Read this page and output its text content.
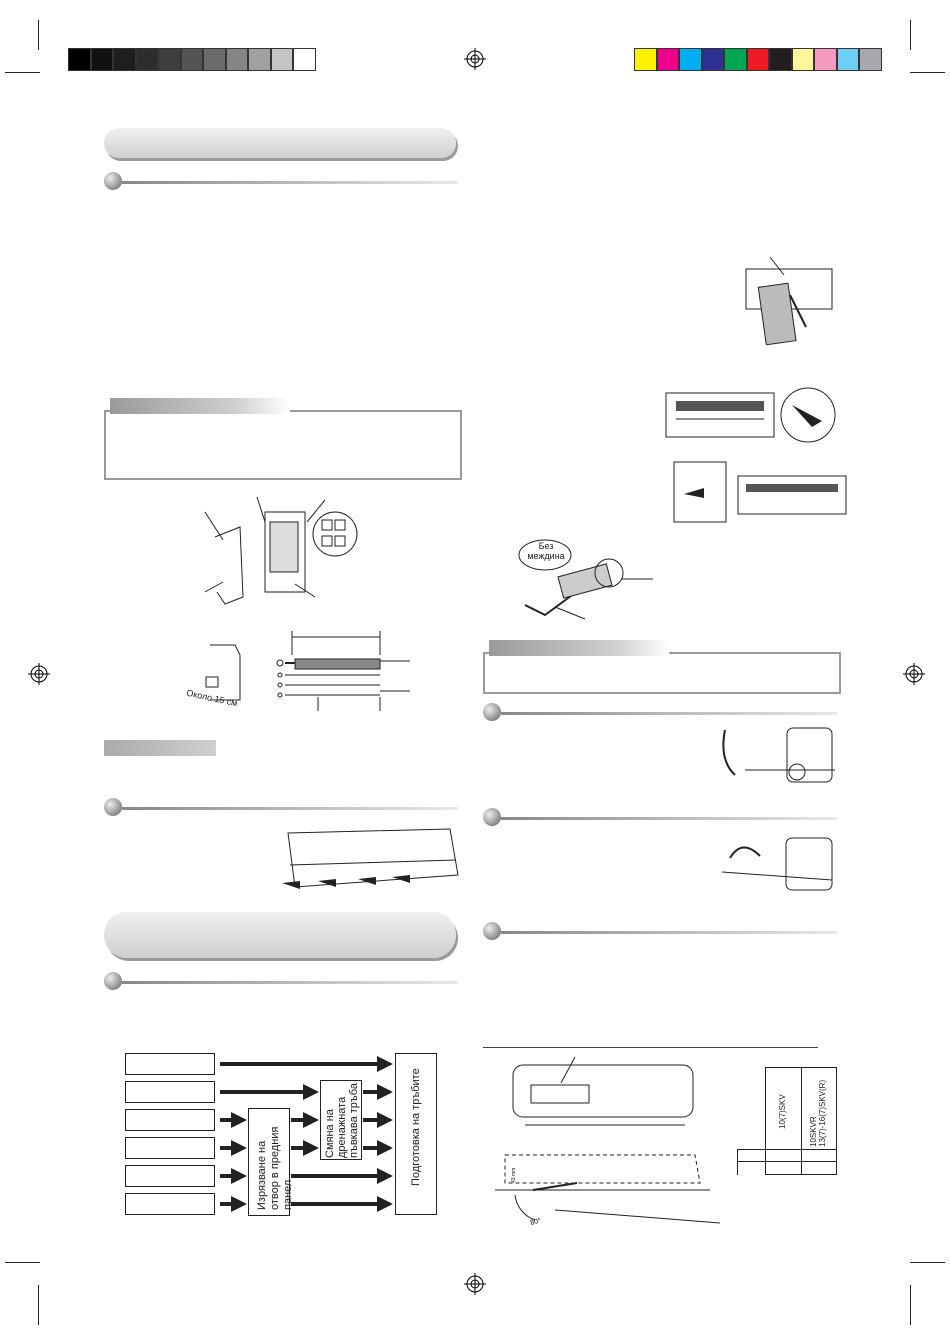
Около 15 см
Изрязване на отвор в предния панел
Смяна на дренажната пъвкава тръба	Подготовка на тръбите
Без
междина
80°
43 mm
10(7)SKV
10SKVR 13(7)-16(7)SKV(R)
